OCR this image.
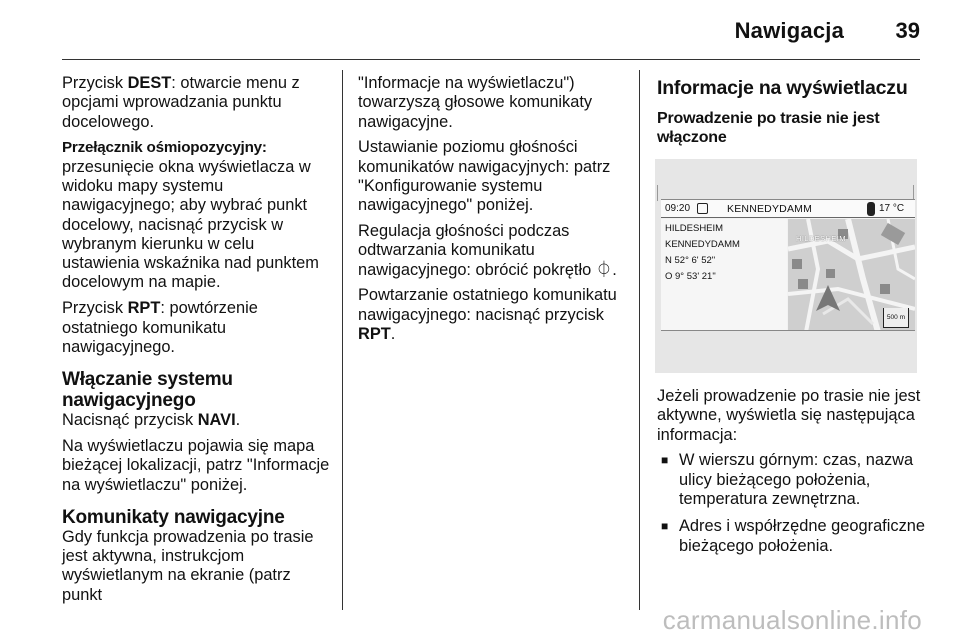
Nawigacja 39

Przycisk DEST: otwarcie menu z opcjami wprowadzania punktu docelowego.

Przełącznik ośmiopozycyjny:
przesunięcie okna wyświetlacza w widoku mapy systemu nawigacyjnego; aby wybrać punkt docelowy, nacisnąć przycisk w wybranym kierunku w celu ustawienia wskaźnika nad punktem docelowym na mapie.

Przycisk RPT: powtórzenie ostatniego komunikatu nawigacyjnego.

Włączanie systemu nawigacyjnego

Nacisnąć przycisk NAVI.

Na wyświetlaczu pojawia się mapa bieżącej lokalizacji, patrz "Informacje na wyświetlaczu" poniżej.

Komunikaty nawigacyjne

Gdy funkcja prowadzenia po trasie jest aktywna, instrukcjom wyświetlanym na ekranie (patrz punkt

"Informacje na wyświetlaczu") towarzyszą głosowe komunikaty nawigacyjne.

Ustawianie poziomu głośności komunikatów nawigacyjnych: patrz "Konfigurowanie systemu nawigacyjnego" poniżej.

Regulacja głośności podczas odtwarzania komunikatu nawigacyjnego: obrócić pokrętło ⏀.

Powtarzanie ostatniego komunikatu nawigacyjnego: nacisnąć przycisk RPT.

Informacje na wyświetlaczu
Prowadzenie po trasie nie jest włączone
09:20	KENNEDYDAMM	17 °C
HILDESHEIM
KENNEDYDAMM
N 52° 6' 52"
O 9° 53' 21"
HILDESHEIM
500 m

Jeżeli prowadzenie po trasie nie jest aktywne, wyświetla się następująca informacja:

■ W wierszu górnym: czas, nazwa ulicy bieżącego położenia, temperatura zewnętrzna.
■ Adres i współrzędne geograficzne bieżącego położenia.
carmanualsonline.info
